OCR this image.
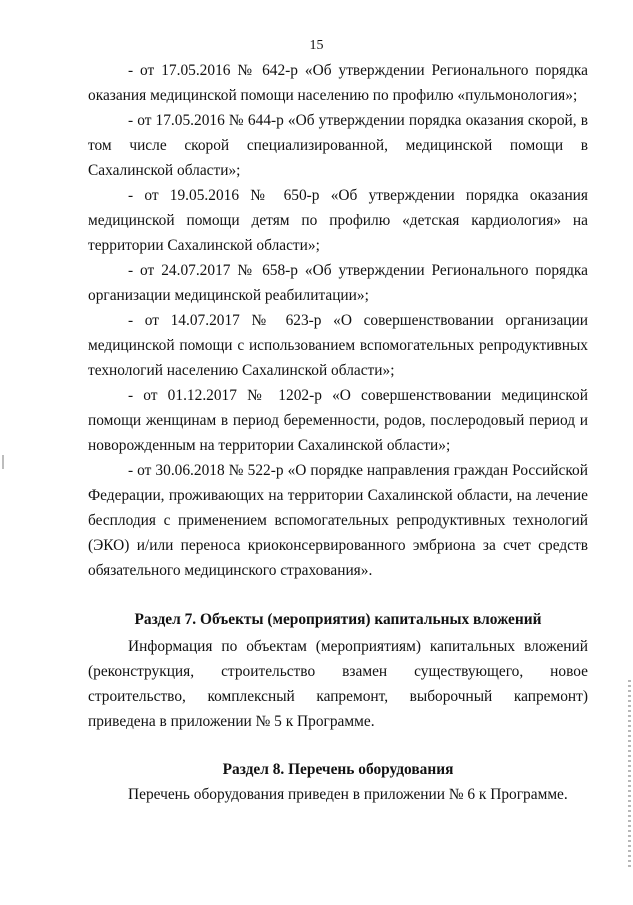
15

- от 17.05.2016 № 642-р «Об утверждении Регионального порядка оказания медицинской помощи населению по профилю «пульмонология»;

- от 17.05.2016 № 644-р «Об утверждении порядка оказания скорой, в том числе скорой специализированной, медицинской помощи в Сахалинской области»;

- от 19.05.2016 № 650-р «Об утверждении порядка оказания медицинской помощи детям по профилю «детская кардиология» на территории Сахалинской области»;

- от 24.07.2017 № 658-р «Об утверждении Регионального порядка организации медицинской реабилитации»;

- от 14.07.2017 № 623-р «О совершенствовании организации медицинской помощи с использованием вспомогательных репродуктивных технологий населению Сахалинской области»;

- от 01.12.2017 № 1202-р «О совершенствовании медицинской помощи женщинам в период беременности, родов, послеродовый период и новорожденным на территории Сахалинской области»;

- от 30.06.2018 № 522-р «О порядке направления граждан Российской Федерации, проживающих на территории Сахалинской области, на лечение бесплодия с применением вспомогательных репродуктивных технологий (ЭКО) и/или переноса криоконсервированного эмбриона за счет средств обязательного медицинского страхования».

Раздел 7. Объекты (мероприятия) капитальных вложений

Информация по объектам (мероприятиям) капитальных вложений (реконструкция, строительство взамен существующего, новое строительство, комплексный капремонт, выборочный капремонт) приведена в приложении № 5 к Программе.

Раздел 8. Перечень оборудования

Перечень оборудования приведен в приложении № 6 к Программе.
